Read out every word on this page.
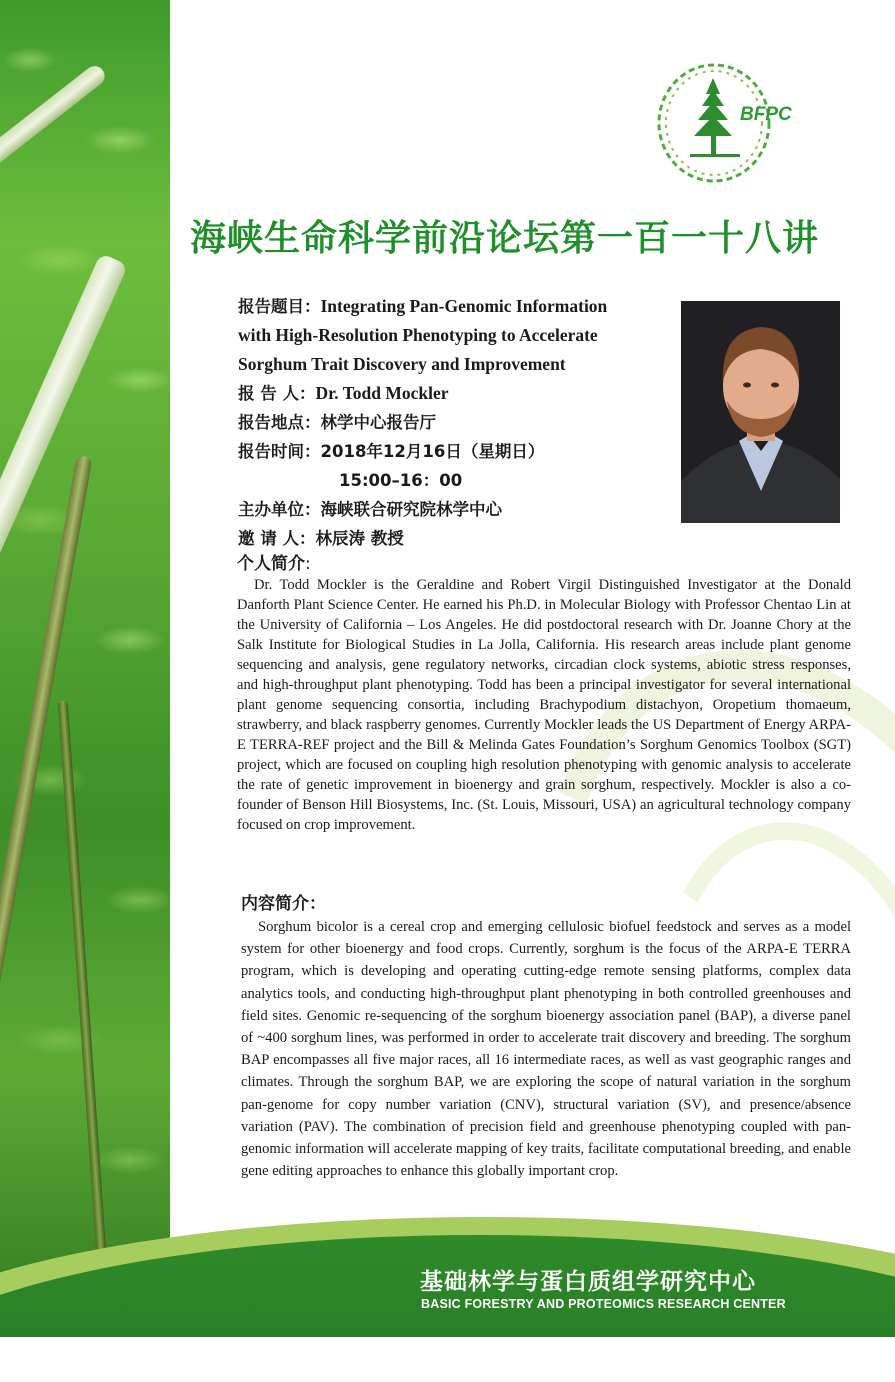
BFPC
海峡生命科学前沿论坛第一百一十八讲
报告题目：Integrating Pan-Genomic Information
with High-Resolution Phenotyping to Accelerate
Sorghum Trait Discovery and Improvement
报 告 人：Dr. Todd Mockler
报告地点：林学中心报告厅
报告时间：2018年12月16日（星期日）
15:00–16：00
主办单位：海峡联合研究院林学中心
邀 请 人：林辰涛 教授
个人简介:

Dr. Todd Mockler is the Geraldine and Robert Virgil Distinguished Investigator at the Donald Danforth Plant Science Center. He earned his Ph.D. in Molecular Biology with Professor Chentao Lin at the University of California – Los Angeles. He did postdoctoral research with Dr. Joanne Chory at the Salk Institute for Biological Studies in La Jolla, California. His research areas include plant genome sequencing and analysis, gene regulatory networks, circadian clock systems, abiotic stress responses, and high-throughput plant phenotyping. Todd has been a principal investigator for several international plant genome sequencing consortia, including Brachypodium distachyon, Oropetium thomaeum, strawberry, and black raspberry genomes. Currently Mockler leads the US Department of Energy ARPA-E TERRA-REF project and the Bill & Melinda Gates Foundation’s Sorghum Genomics Toolbox (SGT) project, which are focused on coupling high resolution phenotyping with genomic analysis to accelerate the rate of genetic improvement in bioenergy and grain sorghum, respectively. Mockler is also a co-founder of Benson Hill Biosystems, Inc. (St. Louis, Missouri, USA) an agricultural technology company focused on crop improvement.

内容简介：

Sorghum bicolor is a cereal crop and emerging cellulosic biofuel feedstock and serves as a model system for other bioenergy and food crops. Currently, sorghum is the focus of the ARPA-E TERRA program, which is developing and operating cutting-edge remote sensing platforms, complex data analytics tools, and conducting high-throughput plant phenotyping in both controlled greenhouses and field sites. Genomic re-sequencing of the sorghum bioenergy association panel (BAP), a diverse panel of ~400 sorghum lines, was performed in order to accelerate trait discovery and breeding. The sorghum BAP encompasses all five major races, all 16 intermediate races, as well as vast geographic ranges and climates. Through the sorghum BAP, we are exploring the scope of natural variation in the sorghum pan-genome for copy number variation (CNV), structural variation (SV), and presence/absence variation (PAV). The combination of precision field and greenhouse phenotyping coupled with pan-genomic information will accelerate mapping of key traits, facilitate computational breeding, and enable gene editing approaches to enhance this globally important crop.

基础林学与蛋白质组学研究中心
BASIC FORESTRY AND PROTEOMICS RESEARCH CENTER
